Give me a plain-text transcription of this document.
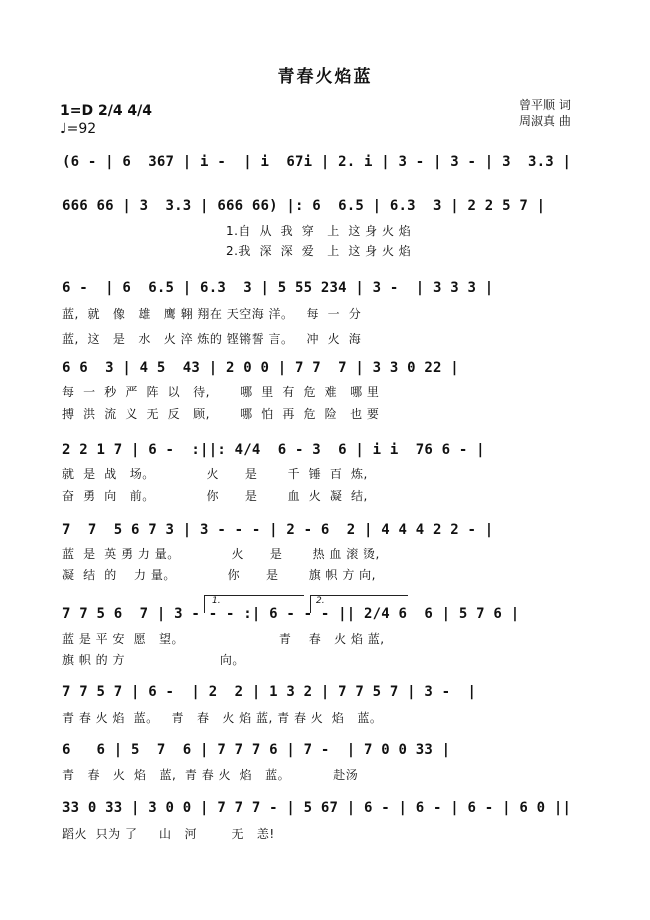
青春火焰蓝
曾平顺 词
周淑真 曲
1=D 2/4 4/4
♩=92
(6 - | 6  367 | i -  | i  67i | 2. i | 3 - | 3 - | 3  3.3 |
666 66 | 3  3.3 | 666 66) |: 6  6.5 | 6.3  3 | 2 2 5 7 |
1.自  从  我  穿   上  这 身 火 焰
2.我  深  深  爱   上  这 身 火 焰
6 -  | 6  6.5 | 6.3  3 | 5 55 234 | 3 -  | 3 3 3 |
蓝,  就   像   雄   鹰 翱 翔在 天空海 洋。   每  一  分
蓝,  这   是   水   火 淬 炼的 铿锵誓 言。   冲  火  海
6 6  3 | 4 5  43 | 2 0 0 | 7 7  7 | 3 3 0 22 |
每  一  秒  严  阵  以   待,       哪  里  有  危  难   哪 里
搏  洪  流  义  无  反   顾,       哪  怕  再  危  险   也 要
2 2 1 7 | 6 -  :||: 4/4  6 - 3  6 | i i  76 6 - |
就  是  战   场。            火      是       千  锤  百  炼,
奋  勇  向   前。            你      是       血  火  凝  结,
7  7  5 6 7 3 | 3 - - - | 2 - 6  2 | 4 4 4 2 2 - |
蓝  是  英 勇 力 量。            火      是       热 血 滚 烫,
凝  结  的    力 量。            你      是       旗 帜 方 向,
1.	2.
7 7 5 6  7 | 3 - - - :| 6 - - - || 2/4 6  6 | 5 7 6 |
蓝 是 平 安  愿   望。                      青    春   火 焰 蓝,
旗 帜 的 方                      向。
7 7 5 7 | 6 -  | 2  2 | 1 3 2 | 7 7 5 7 | 3 -  |
青 春 火 焰  蓝。   青   春   火 焰 蓝, 青 春 火  焰   蓝。
6   6 | 5  7  6 | 7 7 7 6 | 7 -  | 7 0 0 33 |
青   春   火  焰   蓝,  青 春 火  焰   蓝。          赴汤
33 0 33 | 3 0 0 | 7 7 7 - | 5 67 | 6 - | 6 - | 6 - | 6 0 ||
蹈火  只为 了     山   河        无   恙!
